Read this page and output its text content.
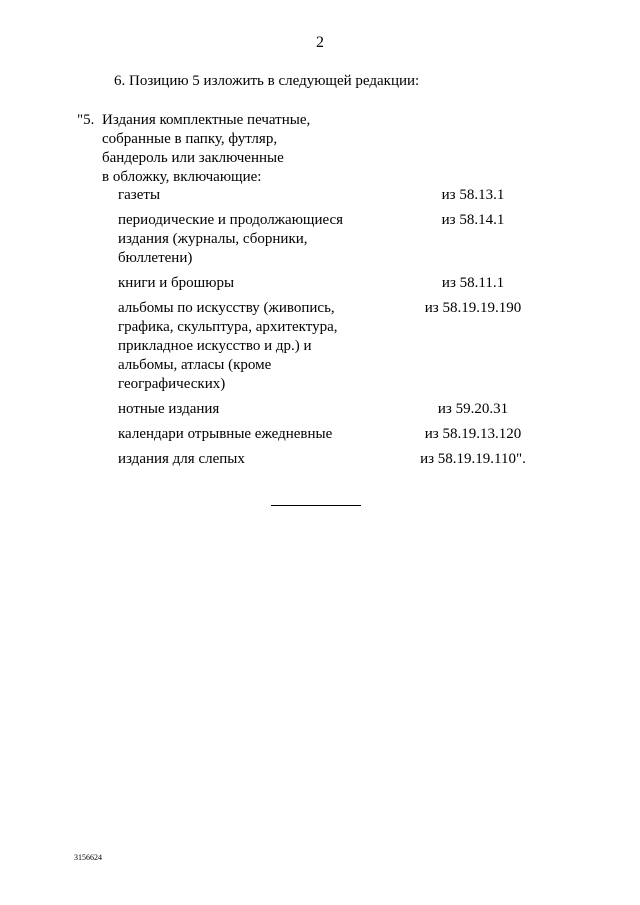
2
6. Позицию 5 изложить в следующей редакции:
"5. Издания комплектные печатные,
собранные в папку, футляр,
бандероль или заключенные
в обложку, включающие:
газеты	из 58.13.1
периодические и продолжающиеся
издания (журналы, сборники,
бюллетени)
из 58.14.1
книги и брошюры	из 58.11.1
альбомы по искусству (живопись,
графика, скульптура, архитектура,
прикладное искусство и др.) и
альбомы, атласы (кроме
географических)
из 58.19.19.190
нотные издания	из 59.20.31
календари отрывные ежедневные	из 58.19.13.120
издания для слепых	из 58.19.19.110".
3156624
